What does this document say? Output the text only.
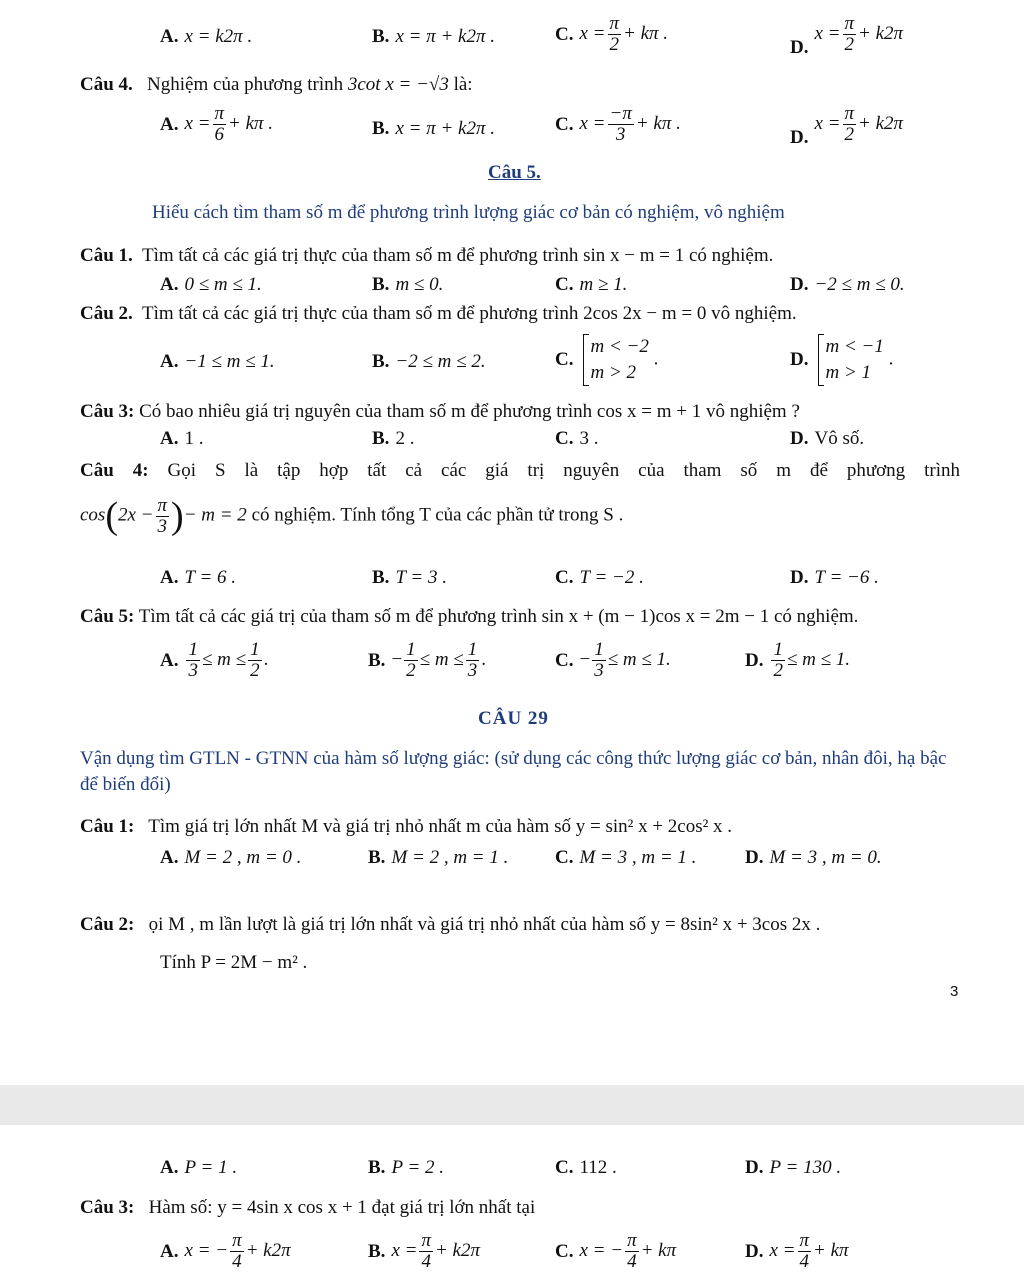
A. x = k2π .	B. x = π + k2π .	C. $x = \frac{\pi}{2} + k\pi$ .
$D.x = \frac{\pi}{2} + k2\pi$
Câu 4. Nghiệm của phương trình 3cot x = −√3 là:
A. $x = \frac{\pi}{6} + k\pi$ .	B. x = π + k2π .	C. $x = \frac{-\pi}{3} + k\pi$ .
$D.x = \frac{\pi}{2} + k2\pi$
Câu 5.
Hiểu cách tìm tham số m để phương trình lượng giác cơ bản có nghiệm, vô nghiệm
Câu 1. Tìm tất cả các giá trị thực của tham số m để phương trình sin x − m = 1 có nghiệm.
A. 0 ≤ m ≤ 1.	B. m ≤ 0.	C. m ≥ 1.	D. −2 ≤ m ≤ 0.
Câu 2. Tìm tất cả các giá trị thực của tham số m để phương trình 2cos 2x − m = 0 vô nghiệm.
A. −1 ≤ m ≤ 1.	B. −2 ≤ m ≤ 2.	C.
m < −2
m > 2
.	D.
m < −1
m > 1
.
Câu 3: Có bao nhiêu giá trị nguyên của tham số m để phương trình cos x = m + 1 vô nghiệm ?
A. 1 .	B. 2 .	C. 3 .	D. Vô số.
Câu 4: Gọi S là tập hợp tất cả các giá trị nguyên của tham số m để phương trình
$\cos(2x - \frac{\pi}{3}$ )− m = 2 có nghiệm. Tính tổng T của các phần tử trong S .
A. T = 6 .	B. T = 3 .	C. T = −2 .	D. T = −6 .
Câu 5: Tìm tất cả các giá trị của tham số m để phương trình sin x + (m − 1)cos x = 2m − 1 có nghiệm.
A. $\frac{1}{3} \le m \le \frac{1}{2}$ .	B. − $\frac{1}{2} \le m \le \frac{1}{3}$ .	C. − $\frac{1}{3} \le m \le 1$.	D. $\frac{1}{2} \le m \le 1$.
CÂU 29
Vận dụng tìm GTLN - GTNN của hàm số lượng giác: (sử dụng các công thức lượng giác cơ bản, nhân đôi, hạ bậc để biến đổi)
Câu 1: Tìm giá trị lớn nhất M và giá trị nhỏ nhất m của hàm số y = sin² x + 2cos² x .
A. M = 2 , m = 0 .	B. M = 2 , m = 1 . C. M = 3 , m = 1 .	D. M = 3 , m = 0.
Câu 2: ọi M , m lần lượt là giá trị lớn nhất và giá trị nhỏ nhất của hàm số y = 8sin² x + 3cos 2x .
Tính P = 2M − m² .
3
A. P = 1 .	B. P = 2 .	C. 112 .	D. P = 130 .
Câu 3: Hàm số: y = 4sin x cos x + 1 đạt giá trị lớn nhất tại
A. x = − $\frac{\pi}{4} + k2\pi$	B. $x = \frac{\pi}{4} + k2\pi$	C. x = − $\frac{\pi}{4} + k\pi$	D. $x = \frac{\pi}{4} + k\pi$
